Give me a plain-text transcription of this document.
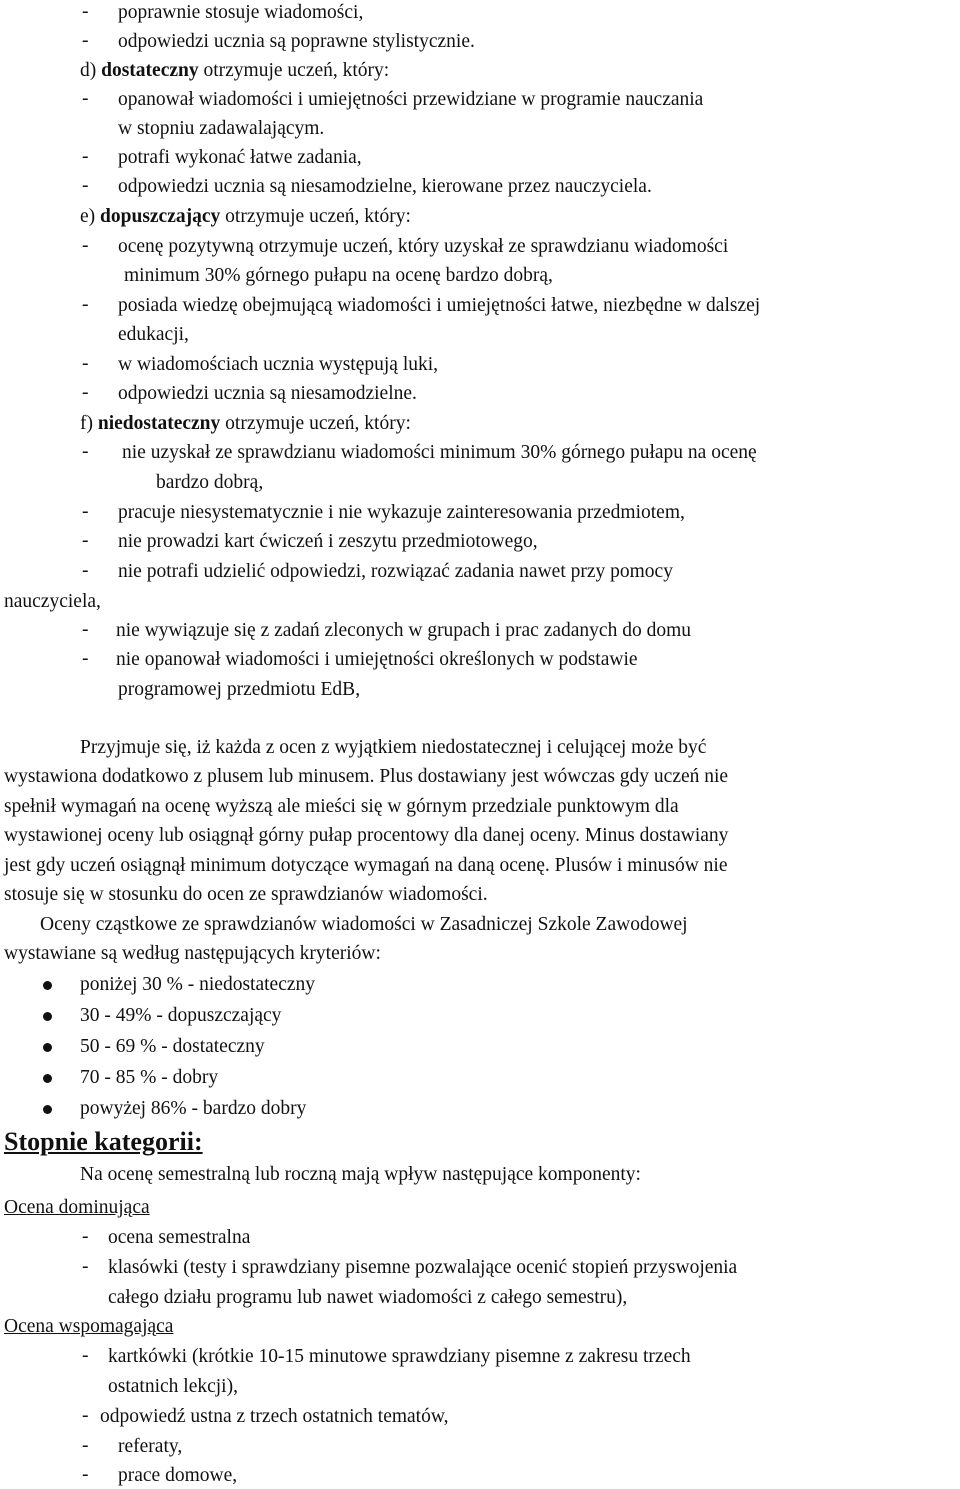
- poprawnie stosuje wiadomości,
- odpowiedzi ucznia są poprawne stylistycznie.
d) dostateczny otrzymuje uczeń, który:
- opanował wiadomości i umiejętności przewidziane w programie nauczania
w stopniu zadawalającym.
- potrafi wykonać łatwe zadania,
- odpowiedzi ucznia są niesamodzielne, kierowane przez nauczyciela.
e) dopuszczający otrzymuje uczeń, który:
- ocenę pozytywną otrzymuje uczeń, który uzyskał ze sprawdzianu wiadomości
minimum 30% górnego pułapu na ocenę bardzo dobrą,
- posiada wiedzę obejmującą wiadomości i umiejętności łatwe, niezbędne w dalszej
edukacji,
- w wiadomościach ucznia występują luki,
- odpowiedzi ucznia są niesamodzielne.
f) niedostateczny otrzymuje uczeń, który:
- nie uzyskał ze sprawdzianu wiadomości minimum 30% górnego pułapu na ocenę
bardzo dobrą,
- pracuje niesystematycznie i nie wykazuje zainteresowania przedmiotem,
- nie prowadzi kart ćwiczeń i zeszytu przedmiotowego,
- nie potrafi udzielić odpowiedzi, rozwiązać zadania nawet przy pomocy
nauczyciela,
- nie wywiązuje się z zadań zleconych w grupach i prac zadanych do domu
- nie opanował wiadomości i umiejętności określonych w podstawie
programowej przedmiotu EdB,
Przyjmuje się, iż każda z ocen z wyjątkiem niedostatecznej i celującej może być
wystawiona dodatkowo z plusem lub minusem. Plus dostawiany jest wówczas gdy uczeń nie
spełnił wymagań na ocenę wyższą ale mieści się w górnym przedziale punktowym dla
wystawionej oceny lub osiągnął górny pułap procentowy dla danej oceny. Minus dostawiany
jest gdy uczeń osiągnął minimum dotyczące wymagań na daną ocenę. Plusów i minusów nie
stosuje się w stosunku do ocen ze sprawdzianów wiadomości.
Oceny cząstkowe ze sprawdzianów wiadomości w Zasadniczej Szkole Zawodowej
wystawiane są według następujących kryteriów:
poniżej 30 % - niedostateczny
30 - 49% - dopuszczający
50 - 69 % - dostateczny
70 - 85 % - dobry
powyżej 86% - bardzo dobry
Stopnie kategorii:
Na ocenę semestralną lub roczną mają wpływ następujące komponenty:
Ocena dominująca
- ocena semestralna
- klasówki (testy i sprawdziany pisemne pozwalające ocenić stopień przyswojenia
całego działu programu lub nawet wiadomości z całego semestru),
Ocena wspomagająca
- kartkówki (krótkie 10-15 minutowe sprawdziany pisemne z zakresu trzech
ostatnich lekcji),
- odpowiedź ustna z trzech ostatnich tematów,
- referaty,
- prace domowe,
